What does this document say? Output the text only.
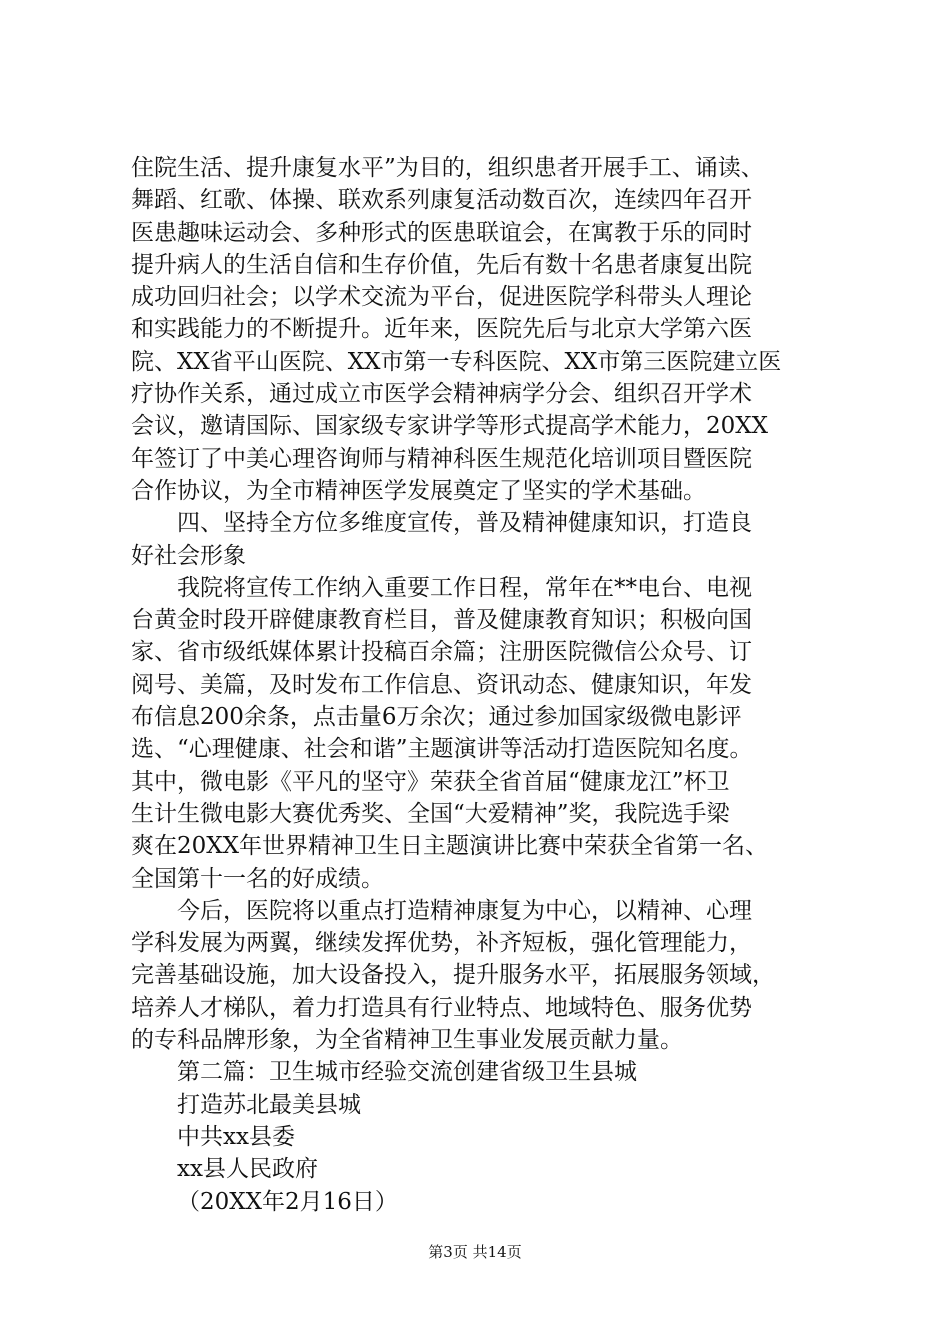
住院生活、提升康复水平”为目的，组织患者开展手工、诵读、
舞蹈、红歌、体操、联欢系列康复活动数百次，连续四年召开
医患趣味运动会、多种形式的医患联谊会，在寓教于乐的同时
提升病人的生活自信和生存价值，先后有数十名患者康复出院
成功回归社会；以学术交流为平台，促进医院学科带头人理论
和实践能力的不断提升。近年来，医院先后与北京大学第六医
院、XX省平山医院、XX市第一专科医院、XX市第三医院建立医
疗协作关系，通过成立市医学会精神病学分会、组织召开学术
会议，邀请国际、国家级专家讲学等形式提高学术能力，20XX
年签订了中美心理咨询师与精神科医生规范化培训项目暨医院
合作协议，为全市精神医学发展奠定了坚实的学术基础。
四、坚持全方位多维度宣传，普及精神健康知识，打造良
好社会形象
我院将宣传工作纳入重要工作日程，常年在**电台、电视
台黄金时段开辟健康教育栏目，普及健康教育知识；积极向国
家、省市级纸媒体累计投稿百余篇；注册医院微信公众号、订
阅号、美篇，及时发布工作信息、资讯动态、健康知识，年发
布信息200余条，点击量6万余次；通过参加国家级微电影评
选、“心理健康、社会和谐”主题演讲等活动打造医院知名度。
其中，微电影《平凡的坚守》荣获全省首届“健康龙江”杯卫
生计生微电影大赛优秀奖、全国“大爱精神”奖，我院选手梁
爽在20XX年世界精神卫生日主题演讲比赛中荣获全省第一名、
全国第十一名的好成绩。
今后，医院将以重点打造精神康复为中心，以精神、心理
学科发展为两翼，继续发挥优势，补齐短板，强化管理能力，
完善基础设施，加大设备投入，提升服务水平，拓展服务领域，
培养人才梯队，着力打造具有行业特点、地域特色、服务优势
的专科品牌形象，为全省精神卫生事业发展贡献力量。
第二篇：卫生城市经验交流创建省级卫生县城
打造苏北最美县城
中共xx县委
xx县人民政府
（20XX年2月16日）
第3页 共14页
